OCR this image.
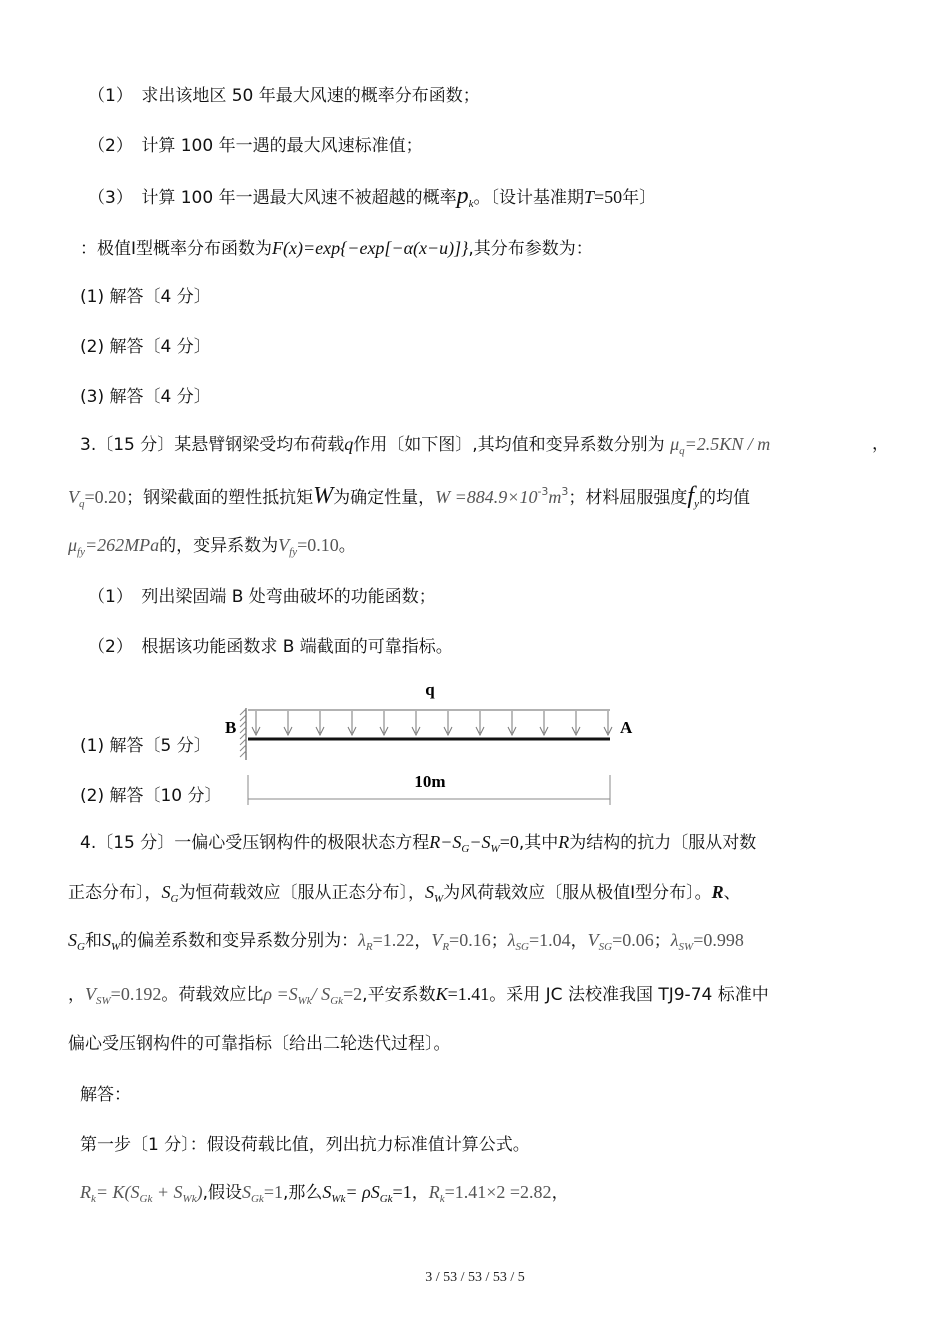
（1）　求出该地区 50 年最大风速的概率分布函数；
（2）　计算 100 年一遇的最大风速标准值；
（3）　计算 100 年一遇最大风速不被超越的概率$p_k$。〔设计基准期T=50年〕
：极值Ⅰ型概率分布函数为F(x)=exp{−exp[−α(x−u)]},其分布参数为：
(1) 解答〔4 分〕
(2) 解答〔4 分〕
(3) 解答〔4 分〕
3.〔15 分〕某悬臂钢梁受均布荷载q作用〔如下图〕,其均值和变异系数分别为 $\mu_q=2.5KN / m$	，
$V_q=0.20$；钢梁截面的塑性抵抗矩W为确定性量，$W =884.9\times 10^{-3}m^3$；材料屈服强度$f_y$的均值
$\mu_{fy}=262MPa$的，变异系数为$V_{fy}=0.10$。
（1）　列出梁固端 B 处弯曲破坏的功能函数；
（2）　根据该功能函数求 B 端截面的可靠指标。
q
B	A
10m
(1) 解答〔5 分〕
(2) 解答〔10 分〕
4.〔15 分〕一偏心受压钢构件的极限状态方程$R-S_G-S_W=0$,其中R为结构的抗力〔服从对数
正态分布〕，$S_G$为恒荷载效应〔服从正态分布〕，$S_W$为风荷载效应〔服从极值Ⅰ型分布〕。R、
$S_G$和$S_W$的偏差系数和变异系数分别为：$\lambda_R=1.22$，$V_R=0.16$；$\lambda_{SG}=1.04$，$V_{SG}=0.06$；$\lambda_{SW}=0.998$
，$V_{SW}=0.192$。荷载效应比$\rho =S_{Wk}/$ $S_{Gk}=2$,平安系数K=1.41。采用 JC 法校准我国 TJ9-74 标准中
偏心受压钢构件的可靠指标〔给出二轮迭代过程〕。
解答：
第一步〔1 分〕：假设荷载比值，列出抗力标准值计算公式。
$R_k= K(S_{Gk} + S_{Wk})$,假设$S_{Gk}=1$,那么$S_{Wk}= \rho S_{Gk}=1$，$R_k=1.41\times 2 =2.82$，
3 / 53 / 53 / 53 / 5
